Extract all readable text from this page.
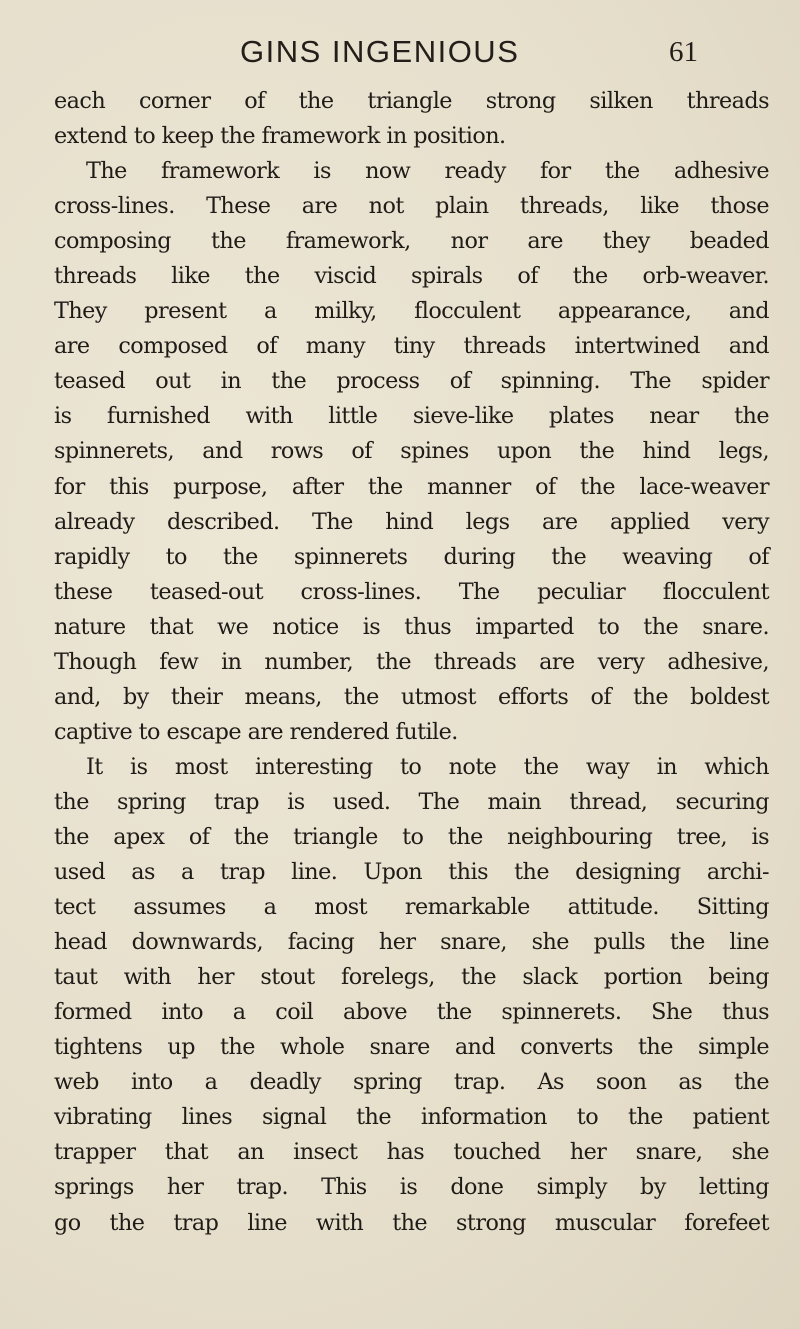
GINS INGENIOUS	61
each corner of the triangle strong silken threads
extend to keep the framework in position.
The framework is now ready for the adhesive
cross-lines. These are not plain threads, like those
composing the framework, nor are they beaded
threads like the viscid spirals of the orb-weaver.
They present a milky, flocculent appearance, and
are composed of many tiny threads intertwined and
teased out in the process of spinning. The spider
is furnished with little sieve-like plates near the
spinnerets, and rows of spines upon the hind legs,
for this purpose, after the manner of the lace-weaver
already described. The hind legs are applied very
rapidly to the spinnerets during the weaving of
these teased-out cross-lines. The peculiar flocculent
nature that we notice is thus imparted to the snare.
Though few in number, the threads are very adhesive,
and, by their means, the utmost efforts of the boldest
captive to escape are rendered futile.
It is most interesting to note the way in which
the spring trap is used. The main thread, securing
the apex of the triangle to the neighbouring tree, is
used as a trap line. Upon this the designing archi-
tect assumes a most remarkable attitude. Sitting
head downwards, facing her snare, she pulls the line
taut with her stout forelegs, the slack portion being
formed into a coil above the spinnerets. She thus
tightens up the whole snare and converts the simple
web into a deadly spring trap. As soon as the
vibrating lines signal the information to the patient
trapper that an insect has touched her snare, she
springs her trap. This is done simply by letting
go the trap line with the strong muscular forefeet
